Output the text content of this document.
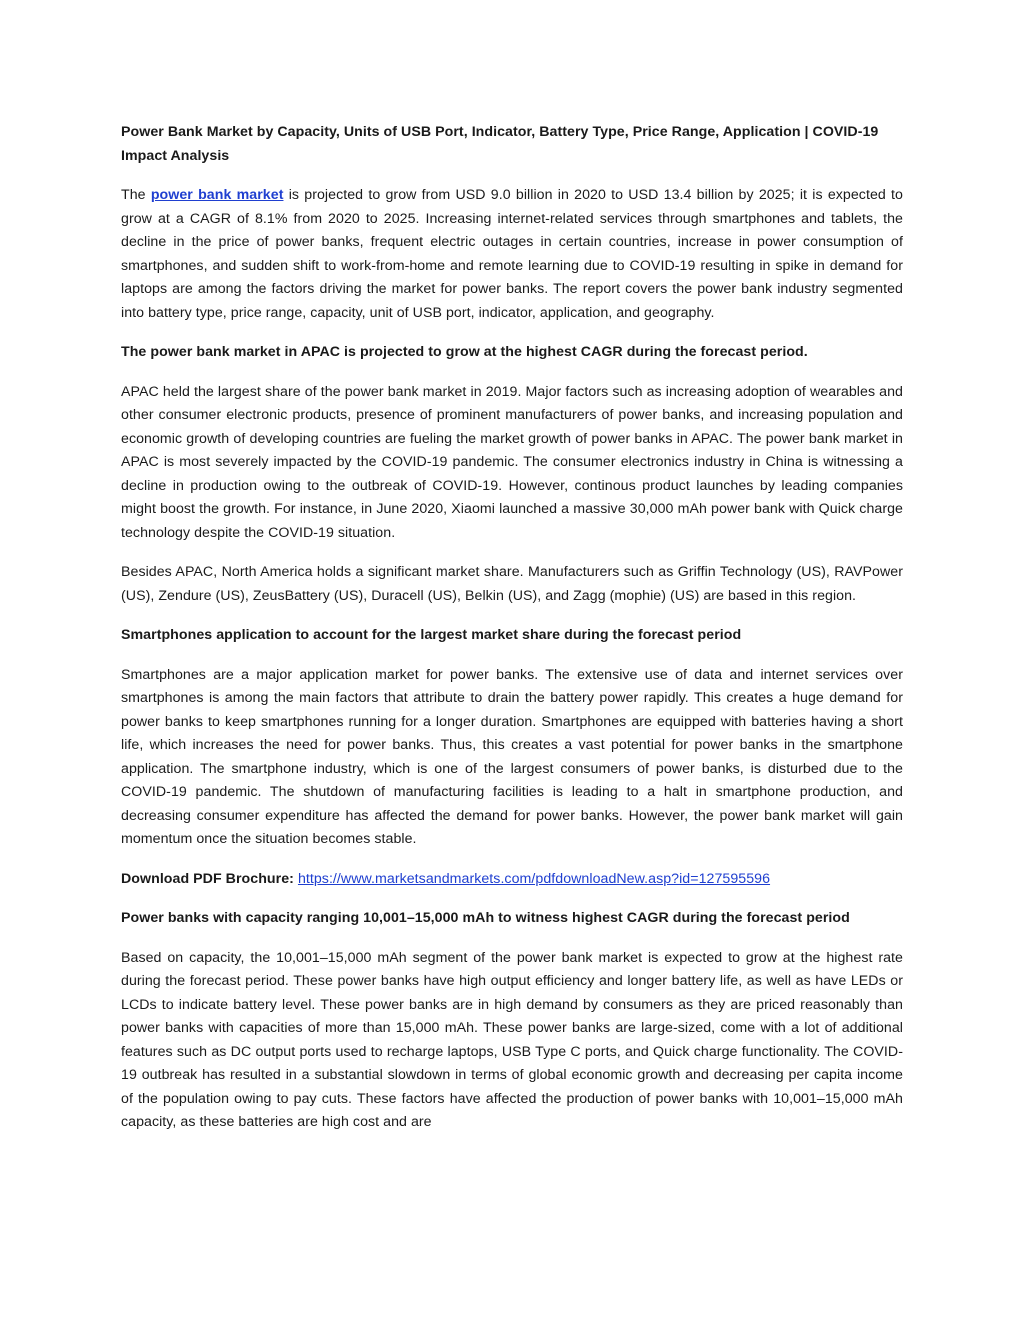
Power Bank Market by Capacity, Units of USB Port, Indicator, Battery Type, Price Range, Application | COVID-19 Impact Analysis

The power bank market is projected to grow from USD 9.0 billion in 2020 to USD 13.4 billion by 2025; it is expected to grow at a CAGR of 8.1% from 2020 to 2025. Increasing internet-related services through smartphones and tablets, the decline in the price of power banks, frequent electric outages in certain countries, increase in power consumption of smartphones, and sudden shift to work-from-home and remote learning due to COVID-19 resulting in spike in demand for laptops are among the factors driving the market for power banks. The report covers the power bank industry segmented into battery type, price range, capacity, unit of USB port, indicator, application, and geography.

The power bank market in APAC is projected to grow at the highest CAGR during the forecast period.

APAC held the largest share of the power bank market in 2019. Major factors such as increasing adoption of wearables and other consumer electronic products, presence of prominent manufacturers of power banks, and increasing population and economic growth of developing countries are fueling the market growth of power banks in APAC. The power bank market in APAC is most severely impacted by the COVID-19 pandemic. The consumer electronics industry in China is witnessing a decline in production owing to the outbreak of COVID-19. However, continous product launches by leading companies might boost the growth. For instance, in June 2020, Xiaomi launched a massive 30,000 mAh power bank with Quick charge technology despite the COVID-19 situation.

Besides APAC, North America holds a significant market share. Manufacturers such as Griffin Technology (US), RAVPower (US), Zendure (US), ZeusBattery (US), Duracell (US), Belkin (US), and Zagg (mophie) (US) are based in this region.

Smartphones application to account for the largest market share during the forecast period

Smartphones are a major application market for power banks. The extensive use of data and internet services over smartphones is among the main factors that attribute to drain the battery power rapidly. This creates a huge demand for power banks to keep smartphones running for a longer duration. Smartphones are equipped with batteries having a short life, which increases the need for power banks. Thus, this creates a vast potential for power banks in the smartphone application. The smartphone industry, which is one of the largest consumers of power banks, is disturbed due to the COVID-19 pandemic. The shutdown of manufacturing facilities is leading to a halt in smartphone production, and decreasing consumer expenditure has affected the demand for power banks. However, the power bank market will gain momentum once the situation becomes stable.

Download PDF Brochure: https://www.marketsandmarkets.com/pdfdownloadNew.asp?id=127595596

Power banks with capacity ranging 10,001–15,000 mAh to witness highest CAGR during the forecast period

Based on capacity, the 10,001–15,000 mAh segment of the power bank market is expected to grow at the highest rate during the forecast period. These power banks have high output efficiency and longer battery life, as well as have LEDs or LCDs to indicate battery level. These power banks are in high demand by consumers as they are priced reasonably than power banks with capacities of more than 15,000 mAh. These power banks are large-sized, come with a lot of additional features such as DC output ports used to recharge laptops, USB Type C ports, and Quick charge functionality. The COVID-19 outbreak has resulted in a substantial slowdown in terms of global economic growth and decreasing per capita income of the population owing to pay cuts. These factors have affected the production of power banks with 10,001–15,000 mAh capacity, as these batteries are high cost and are
